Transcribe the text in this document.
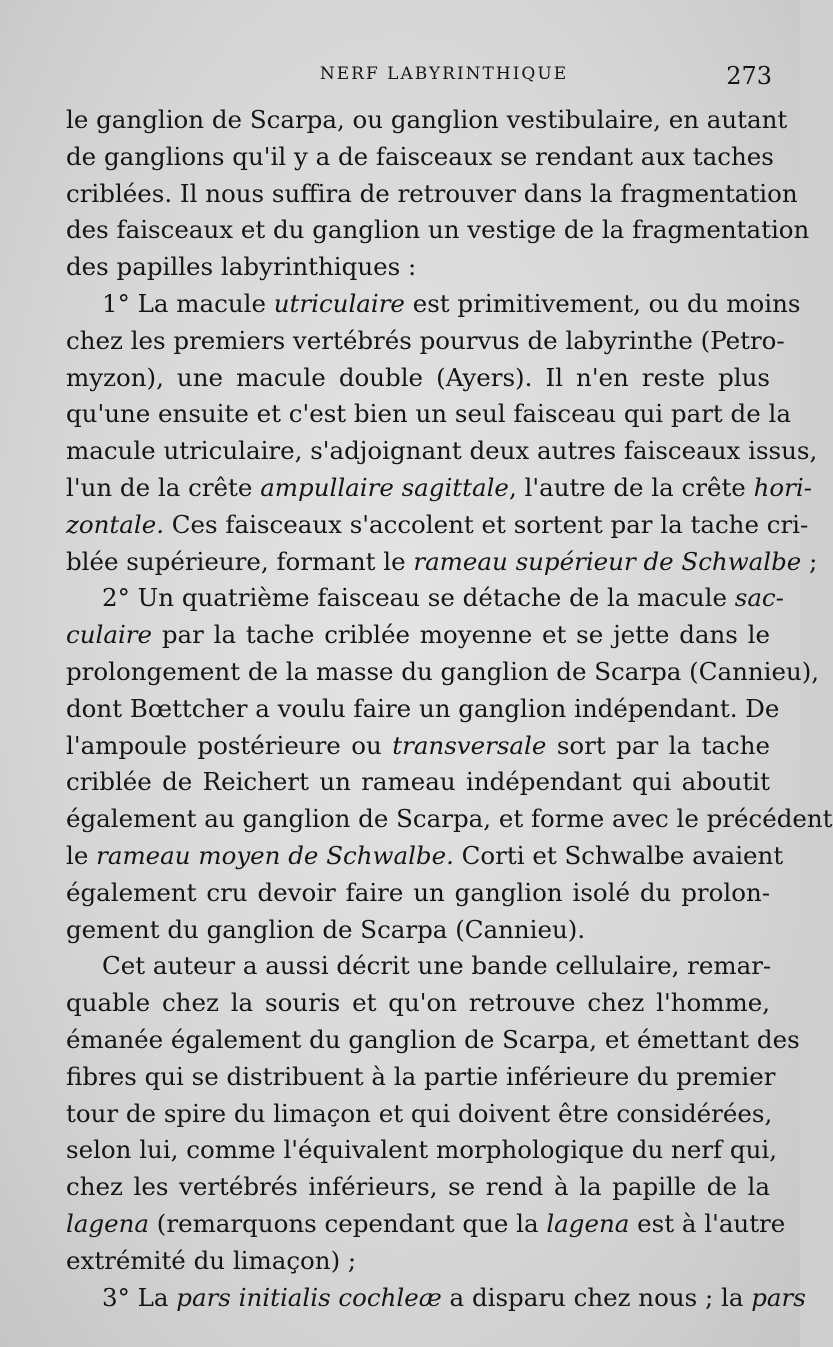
NERF LABYRINTHIQUE	273
le ganglion de Scarpa, ou ganglion vestibulaire, en autant
de ganglions qu'il y a de faisceaux se rendant aux taches
criblées. Il nous suffira de retrouver dans la fragmentation
des faisceaux et du ganglion un vestige de la fragmentation
des papilles labyrinthiques :
1° La macule utriculaire est primitivement, ou du moins
chez les premiers vertébrés pourvus de labyrinthe (Petro-
myzon), une macule double (Ayers). Il n'en reste plus
qu'une ensuite et c'est bien un seul faisceau qui part de la
macule utriculaire, s'adjoignant deux autres faisceaux issus,
l'un de la crête ampullaire sagittale, l'autre de la crête hori-
zontale. Ces faisceaux s'accolent et sortent par la tache cri-
blée supérieure, formant le rameau supérieur de Schwalbe ;
2° Un quatrième faisceau se détache de la macule sac-
culaire par la tache criblée moyenne et se jette dans le
prolongement de la masse du ganglion de Scarpa (Cannieu),
dont Bœttcher a voulu faire un ganglion indépendant. De
l'ampoule postérieure ou transversale sort par la tache
criblée de Reichert un rameau indépendant qui aboutit
également au ganglion de Scarpa, et forme avec le précédent
le rameau moyen de Schwalbe. Corti et Schwalbe avaient
également cru devoir faire un ganglion isolé du prolon-
gement du ganglion de Scarpa (Cannieu).
Cet auteur a aussi décrit une bande cellulaire, remar-
quable chez la souris et qu'on retrouve chez l'homme,
émanée également du ganglion de Scarpa, et émettant des
fibres qui se distribuent à la partie inférieure du premier
tour de spire du limaçon et qui doivent être considérées,
selon lui, comme l'équivalent morphologique du nerf qui,
chez les vertébrés inférieurs, se rend à la papille de la
lagena (remarquons cependant que la lagena est à l'autre
extrémité du limaçon) ;
3° La pars initialis cochleæ a disparu chez nous ; la pars
